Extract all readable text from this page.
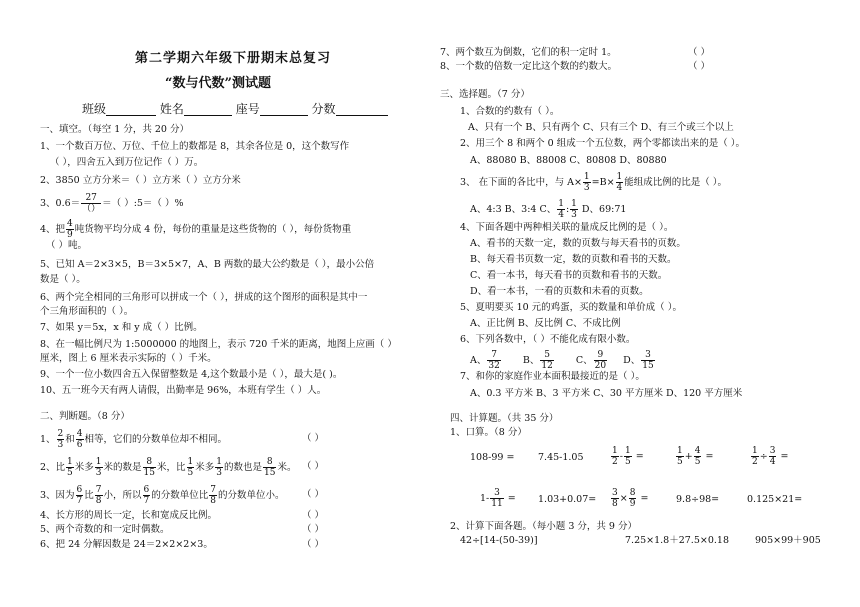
第二学期六年级下册期末总复习
“数与代数”测试题
班级	姓名	座号	分数
一、填空。（每空 1 分，共 20 分）
1、一个数百万位、万位、千位上的数都是 8，其余各位是 0，这个数写作
（ ），四舍五入到万位记作（ ）万。
2、3850 立方分米＝（ ）立方米（ ）立方分米
3、0.6＝ 27
（） ＝（ ）:5＝（ ）%
4、把 $\frac{4}{9}$ 吨货物平均分成 4 份，每份的重量是这些货物的（ ），每份货物重
（ ）吨。
5、已知 A＝2×3×5，B＝3×5×7，A、B 两数的最大公约数是（ ），最小公倍
数是（ ）。
6、两个完全相同的三角形可以拼成一个（ ），拼成的这个图形的面积是其中一
个三角形面积的（ ）。
7、如果 y＝5x，x 和 y 成（ ）比例。
8、在一幅比例尺为 1:5000000 的地图上，表示 720 千米的距离，地图上应画（ ）
厘米，图上 6 厘米表示实际的（ ）千米。
9、一个一位小数四舍五入保留整数是 4,这个数最小是（ ），最大是( )。
10、五一班今天有两人请假，出勤率是 96%，本班有学生（ ）人。
二、判断题。（8 分）
1、 $\frac{2}{3}$ 和 $\frac{4}{6}$ 相等，它们的分数单位却不相同。	（ ）
2、比 $\frac{1}{5}$ 米多 $\frac{1}{3}$ 米的数是 $\frac{8}{15}$ 米，比 $\frac{1}{5}$ 米多 $\frac{1}{3}$ 的数也是 $\frac{8}{15}$ 米。 （ ）
3、因为 $\frac{6}{7}$ 比 $\frac{7}{8}$ 小，所以 $\frac{6}{7}$ 的分数单位比 $\frac{7}{8}$ 的分数单位小。 （ ）
4、长方形的周长一定，长和宽成反比例。	（ ）
5、两个奇数的和一定时偶数。	（ ）
6、把 24 分解因数是 24＝2×2×2×3。	（ ）
7、两个数互为倒数，它们的积一定时 1。	（ ）
8、一个数的倍数一定比这个数的约数大。	（ ）
三、选择题。（7 分）
1、合数的约数有（ ）。
A、只有一个 B、只有两个 C、只有三个 D、有三个或三个以上
2、用三个 8 和两个 0 组成一个五位数，两个零都读出来的是（ ）。
A、88080 B、88008 C、80808 D、80880
3、 在下面的各比中，与 $A\times \frac{1}{3} =B\times \frac{1}{4}$ 能组成比例的比是（ ）。
A、4:3 B、3:4 C、 $\frac{1}{4}$ : $\frac{1}{3}$ D、69:71
4、下面各题中两种相关联的量成反比例的是（ ）。
A、看书的天数一定，数的页数与每天看书的页数。
B、每天看书页数一定，数的页数和看书的天数。
C、看一本书，每天看书的页数和看书的天数。
D、看一本书，一看的页数和未看的页数。
5、夏明要买 10 元的鸡蛋，买的数量和单价成（ ）。
A、正比例 B、反比例 C、不成比例
6、下列各数中，（ ）不能化成有限小数。
A、 $\frac{7}{32}$ B、 $\frac{5}{12}$ C、 $\frac{9}{20}$ D、 $\frac{3}{15}$
7、和你的家庭作业本面积最接近的是（ ）。
A、0.3 平方米 B、3 平方米 C、30 平方厘米 D、120 平方厘米
四、计算题。（共 35 分）
1、口算。（8 分）
108-99 = 7.45-1.05	$\frac{1}{2} - \frac{1}{5}$ =	$\frac{1}{5} + \frac{4}{5}$ =	$\frac{1}{2} \div \frac{3}{4}$ =
$1- \frac{3}{11} = 1.03+0.07= \frac{3}{8} \times \frac{8}{9}$ =	9.8÷98=	0.125×21=
2、计算下面各题。（每小题 3 分，共 9 分）
42÷[14-(50-39)]	7.25×1.8＋27.5×0.18	905×99＋905
